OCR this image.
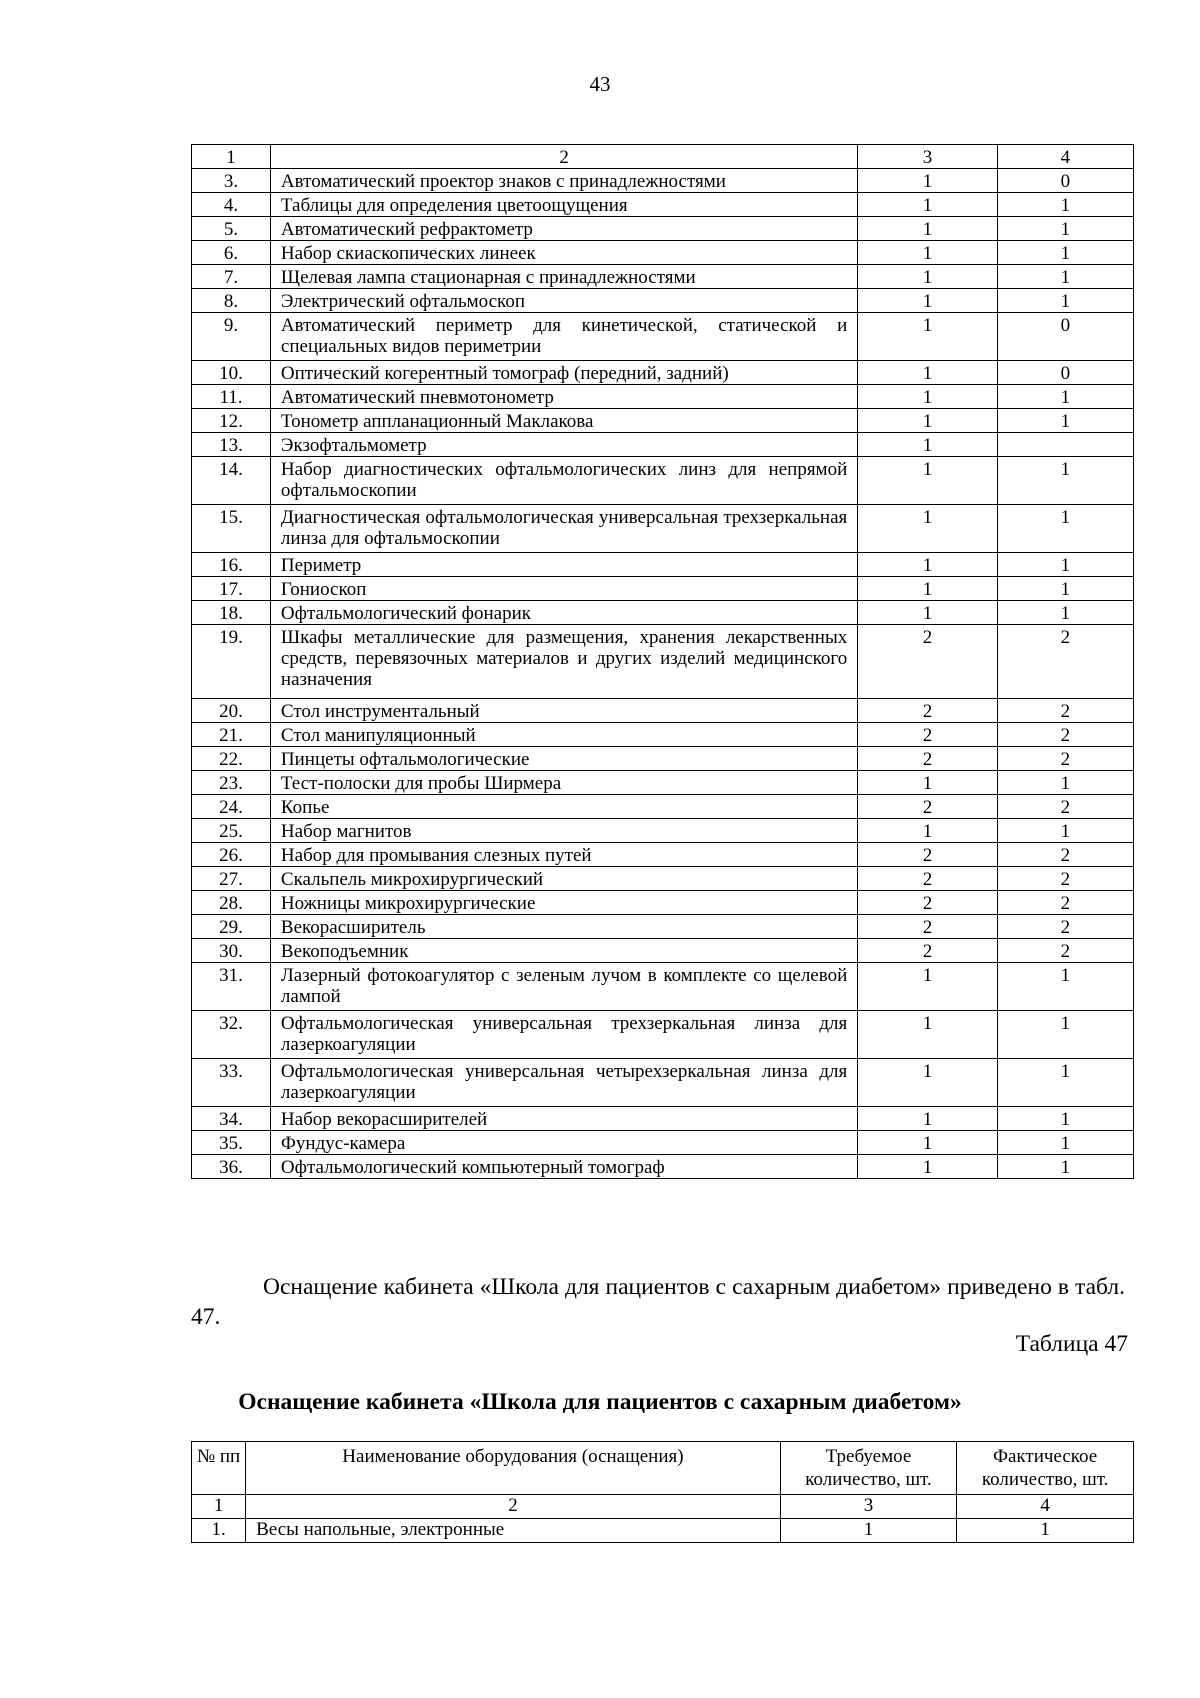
43
1	2	3	4
3.	Автоматический проектор знаков с принадлежностями	1	0
4.	Таблицы для определения цветоощущения	1	1
5.	Автоматический рефрактометр	1	1
6.	Набор скиаскопических линеек	1	1
7.	Щелевая лампа стационарная с принадлежностями	1	1
8.	Электрический офтальмоскоп	1	1
9.	Автоматический периметр для кинетической, статической и специальных видов периметрии	1	0
10.	Оптический когерентный томограф (передний, задний)	1	0
11.	Автоматический пневмотонометр	1	1
12.	Тонометр аппланационный Маклакова	1	1
13.	Экзофтальмометр	1	
14.	Набор диагностических офтальмологических линз для непрямой офтальмоскопии	1	1
15.	Диагностическая офтальмологическая универсальная трехзеркальная линза для офтальмоскопии	1	1
16.	Периметр	1	1
17.	Гониоскоп	1	1
18.	Офтальмологический фонарик	1	1
19.	Шкафы металлические для размещения, хранения лекарственных средств, перевязочных материалов и других изделий медицинского назначения	2	2
20.	Стол инструментальный	2	2
21.	Стол манипуляционный	2	2
22.	Пинцеты офтальмологические	2	2
23.	Тест-полоски для пробы Ширмера	1	1
24.	Копье	2	2
25.	Набор магнитов	1	1
26.	Набор для промывания слезных путей	2	2
27.	Скальпель микрохирургический	2	2
28.	Ножницы микрохирургические	2	2
29.	Векорасширитель	2	2
30.	Векоподъемник	2	2
31.	Лазерный фотокоагулятор с зеленым лучом в комплекте со щелевой лампой	1	1
32.	Офтальмологическая универсальная трехзеркальная линза для лазеркоагуляции	1	1
33.	Офтальмологическая универсальная четырехзеркальная линза для лазеркоагуляции	1	1
34.	Набор векорасширителей	1	1
35.	Фундус-камера	1	1
36.	Офтальмологический компьютерный томограф	1	1

Оснащение кабинета «Школа для пациентов с сахарным диабетом» приведено в табл. 47.

Таблица 47
Оснащение кабинета «Школа для пациентов с сахарным диабетом»
№ пп	Наименование оборудования (оснащения)	Требуемое количество, шт.	Фактическое количество, шт.
1	2	3	4
1.	Весы напольные, электронные	1	1
